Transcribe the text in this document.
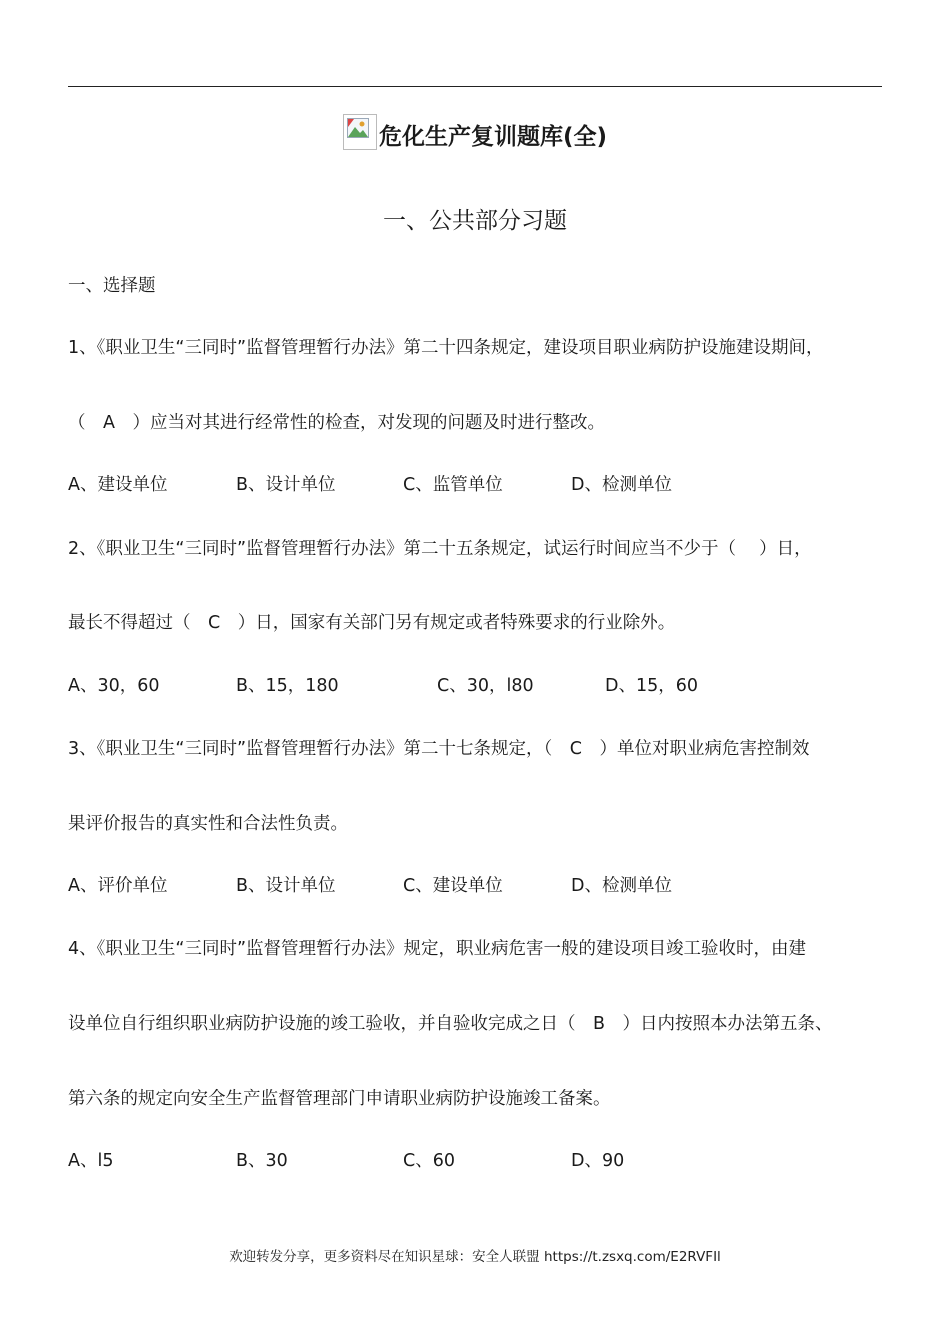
危化生产复训题库(全)
一、公共部分习题
一、选择题
1、《职业卫生“三同时”监督管理暂行办法》第二十四条规定，建设项目职业病防护设施建设期间，
（　A　）应当对其进行经常性的检查，对发现的问题及时进行整改。
A、建设单位	B、设计单位	C、监管单位	D、检测单位
2、《职业卫生“三同时”监督管理暂行办法》第二十五条规定，试运行时间应当不少于（　 ）日，
最长不得超过（　C　）日，国家有关部门另有规定或者特殊要求的行业除外。
A、30，60	B、15，180	C、30，l80	D、15，60
3、《职业卫生“三同时”监督管理暂行办法》第二十七条规定，（　C　）单位对职业病危害控制效
果评价报告的真实性和合法性负责。
A、评价单位	B、设计单位	C、建设单位	D、检测单位
4、《职业卫生“三同时”监督管理暂行办法》规定，职业病危害一般的建设项目竣工验收时，由建
设单位自行组织职业病防护设施的竣工验收，并自验收完成之日（　B　）日内按照本办法第五条、
第六条的规定向安全生产监督管理部门申请职业病防护设施竣工备案。
A、l5	B、30	C、60	D、90
欢迎转发分享，更多资料尽在知识星球：安全人联盟 https://t.zsxq.com/E2RVFIl
